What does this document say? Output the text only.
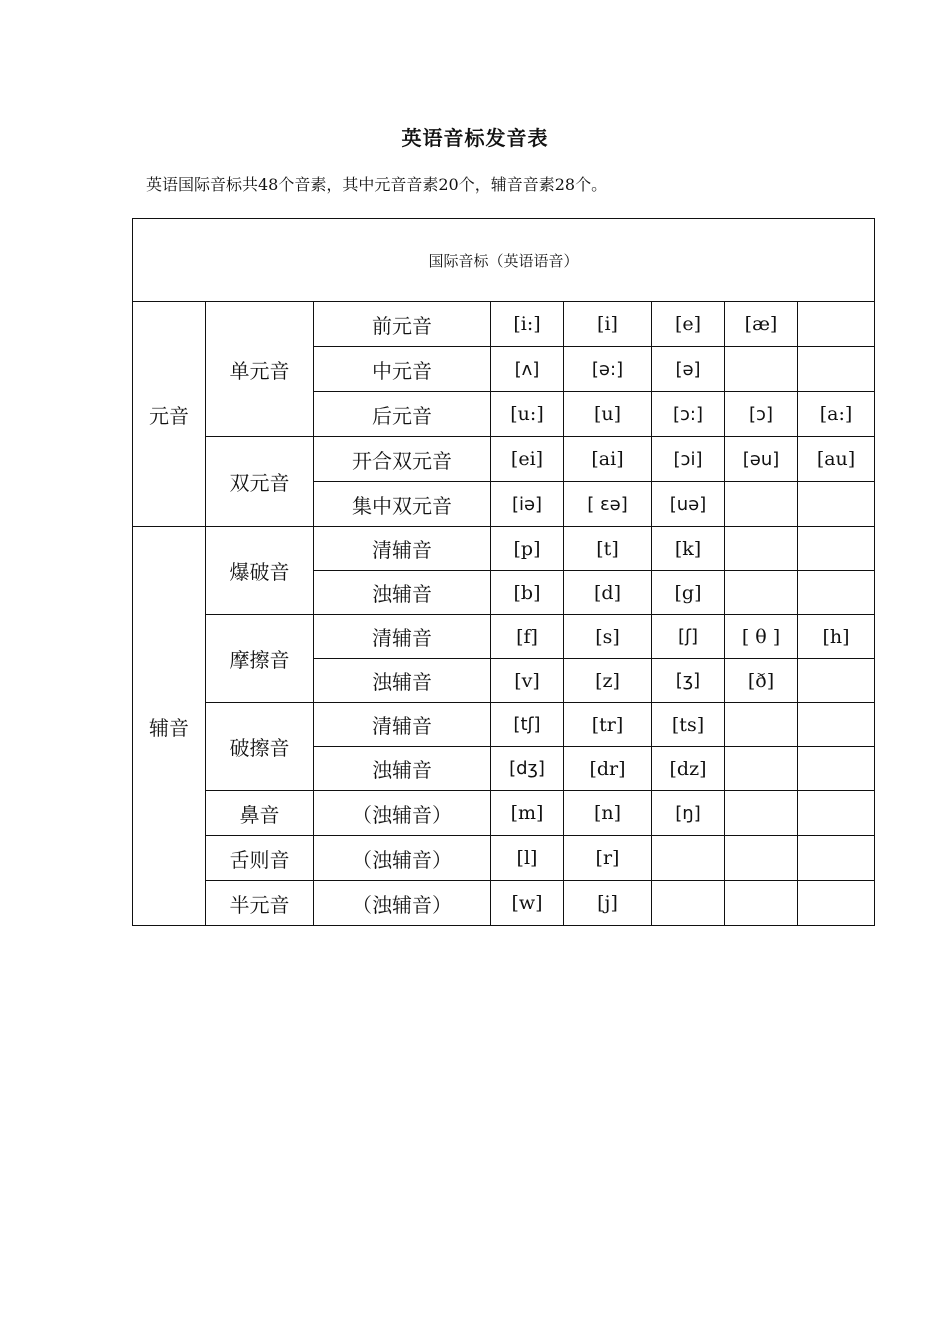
英语音标发音表
英语国际音标共48个音素，其中元音音素20个，辅音音素28个。
国际音标（英语语音）							
元音	单元音	前元音	[i:]	[i]	[e]	[æ]	
		中元音	[ʌ]	[ə:]	[ə]		
		后元音	[u:]	[u]	[ɔ:]	[ɔ]	[a:]
	双元音	开合双元音	[ei]	[ai]	[ɔi]	[əu]	[au]
		集中双元音	[iə]	[ εə]	[uə]		
辅音	爆破音	清辅音	[p]	[t]	[k]		
		浊辅音	[b]	[d]	[g]		
	摩擦音	清辅音	[f]	[s]	[ʃ]	[ θ ]	[h]
		浊辅音	[v]	[z]	[ʒ]	[ð]	
	破擦音	清辅音	[tʃ]	[tr]	[ts]		
		浊辅音	[dʒ]	[dr]	[dz]		
	鼻音	（浊辅音）	[m]	[n]	[ŋ]		
	舌则音	（浊辅音）	[l]	[r]			
	半元音	（浊辅音）	[w]	[j]			
